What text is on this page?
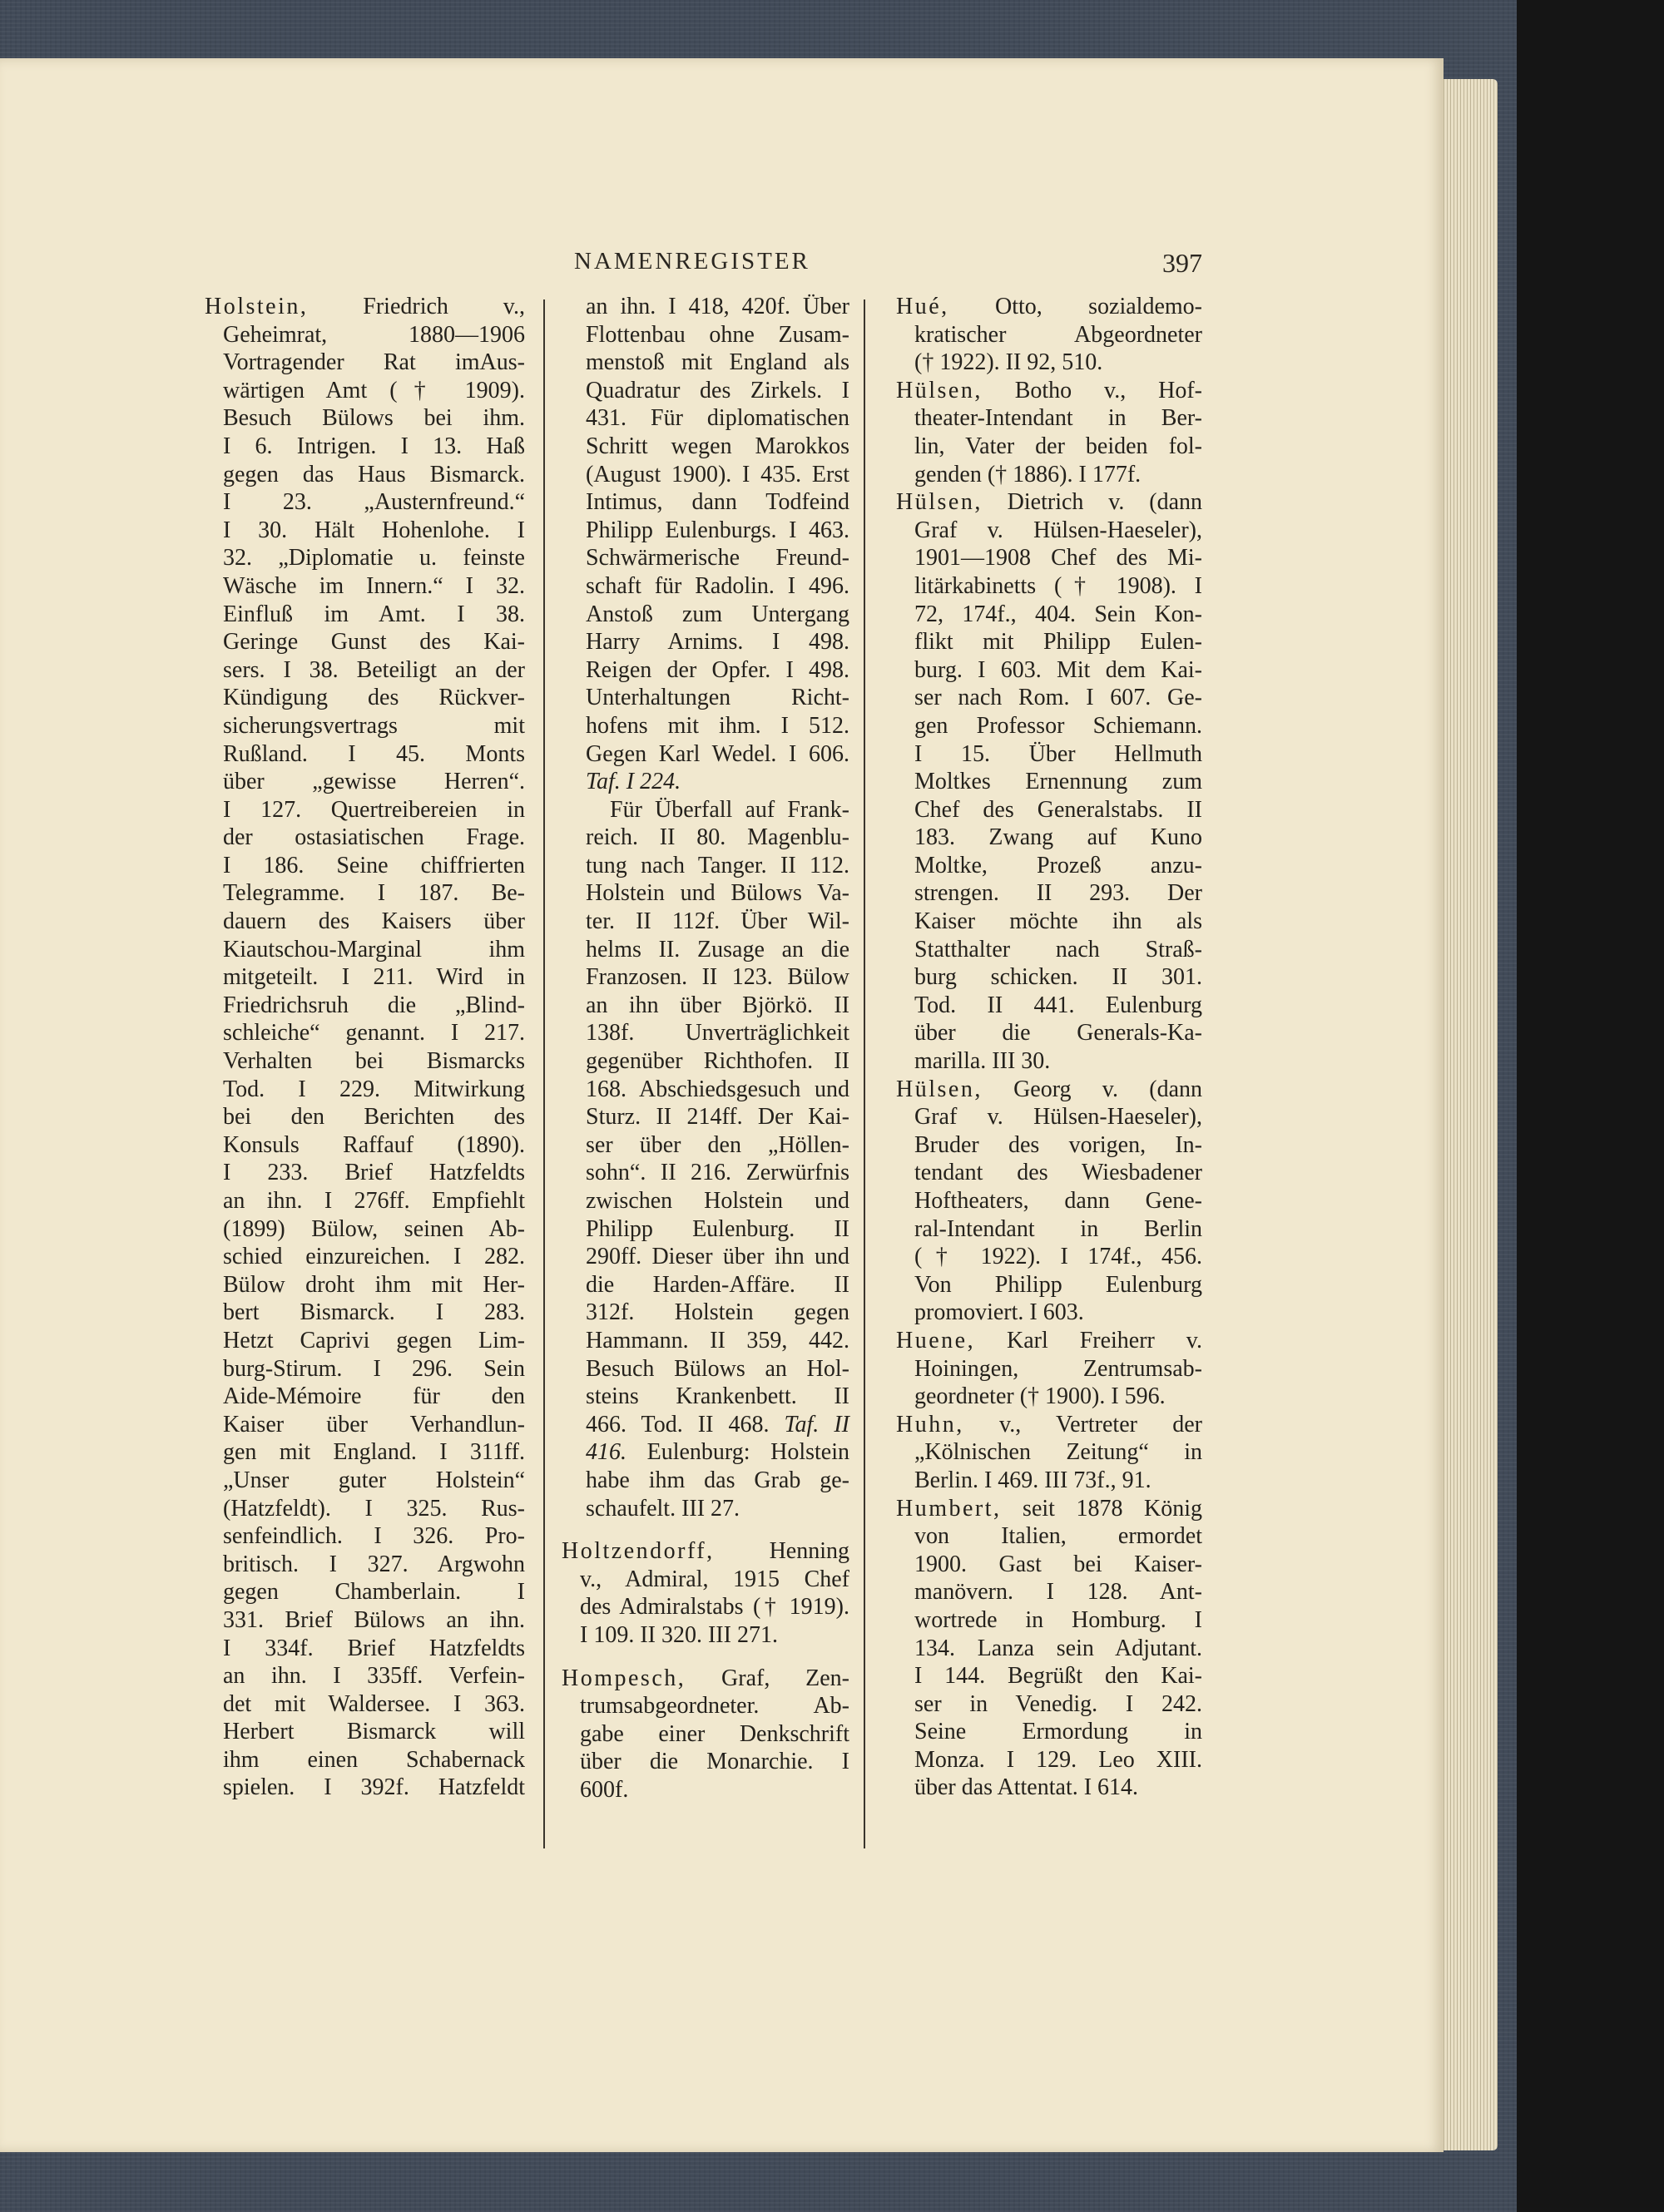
NAMENREGISTER	397
Holstein, Friedrich v.,
Geheimrat, 1880—1906
Vortragender Rat imAus-
wärtigen Amt († 1909).
Besuch Bülows bei ihm.
I 6. Intrigen. I 13. Haß
gegen das Haus Bismarck.
I 23. „Austernfreund.“
I 30. Hält Hohenlohe. I
32. „Diplomatie u. feinste
Wäsche im Innern.“ I 32.
Einfluß im Amt. I 38.
Geringe Gunst des Kai-
sers. I 38. Beteiligt an der
Kündigung des Rückver-
sicherungsvertrags mit
Rußland. I 45. Monts
über „gewisse Herren“.
I 127. Quertreibereien in
der ostasiatischen Frage.
I 186. Seine chiffrierten
Telegramme. I 187. Be-
dauern des Kaisers über
Kiautschou-Marginal ihm
mitgeteilt. I 211. Wird in
Friedrichsruh die „Blind-
schleiche“ genannt. I 217.
Verhalten bei Bismarcks
Tod. I 229. Mitwirkung
bei den Berichten des
Konsuls Raffauf (1890).
I 233. Brief Hatzfeldts
an ihn. I 276ff. Empfiehlt
(1899) Bülow, seinen Ab-
schied einzureichen. I 282.
Bülow droht ihm mit Her-
bert Bismarck. I 283.
Hetzt Caprivi gegen Lim-
burg-Stirum. I 296. Sein
Aide-Mémoire für den
Kaiser über Verhandlun-
gen mit England. I 311ff.
„Unser guter Holstein“
(Hatzfeldt). I 325. Rus-
senfeindlich. I 326. Pro-
britisch. I 327. Argwohn
gegen Chamberlain. I
331. Brief Bülows an ihn.
I 334f. Brief Hatzfeldts
an ihn. I 335ff. Verfein-
det mit Waldersee. I 363.
Herbert Bismarck will
ihm einen Schabernack
spielen. I 392f. Hatzfeldt
an ihn. I 418, 420f. Über
Flottenbau ohne Zusam-
menstoß mit England als
Quadratur des Zirkels. I
431. Für diplomatischen
Schritt wegen Marokkos
(August 1900). I 435. Erst
Intimus, dann Todfeind
Philipp Eulenburgs. I 463.
Schwärmerische Freund-
schaft für Radolin. I 496.
Anstoß zum Untergang
Harry Arnims. I 498.
Reigen der Opfer. I 498.
Unterhaltungen Richt-
hofens mit ihm. I 512.
Gegen Karl Wedel. I 606.
Taf. I 224.
Für Überfall auf Frank-
reich. II 80. Magenblu-
tung nach Tanger. II 112.
Holstein und Bülows Va-
ter. II 112f. Über Wil-
helms II. Zusage an die
Franzosen. II 123. Bülow
an ihn über Björkö. II
138f. Unverträglichkeit
gegenüber Richthofen. II
168. Abschiedsgesuch und
Sturz. II 214ff. Der Kai-
ser über den „Höllen-
sohn“. II 216. Zerwürfnis
zwischen Holstein und
Philipp Eulenburg. II
290ff. Dieser über ihn und
die Harden-Affäre. II
312f. Holstein gegen
Hammann. II 359, 442.
Besuch Bülows an Hol-
steins Krankenbett. II
466. Tod. II 468. Taf. II
416. Eulenburg: Holstein
habe ihm das Grab ge-
schaufelt. III 27.
Holtzendorff, Henning
v., Admiral, 1915 Chef
des Admiralstabs († 1919).
I 109. II 320. III 271.
Hompesch, Graf, Zen-
trumsabgeordneter. Ab-
gabe einer Denkschrift
über die Monarchie. I
600f.
Hué, Otto, sozialdemo-
kratischer Abgeordneter
(† 1922). II 92, 510.
Hülsen, Botho v., Hof-
theater-Intendant in Ber-
lin, Vater der beiden fol-
genden († 1886). I 177f.
Hülsen, Dietrich v. (dann
Graf v. Hülsen-Haeseler),
1901—1908 Chef des Mi-
litärkabinetts († 1908). I
72, 174f., 404. Sein Kon-
flikt mit Philipp Eulen-
burg. I 603. Mit dem Kai-
ser nach Rom. I 607. Ge-
gen Professor Schiemann.
I 15. Über Hellmuth
Moltkes Ernennung zum
Chef des Generalstabs. II
183. Zwang auf Kuno
Moltke, Prozeß anzu-
strengen. II 293. Der
Kaiser möchte ihn als
Statthalter nach Straß-
burg schicken. II 301.
Tod. II 441. Eulenburg
über die Generals-Ka-
marilla. III 30.
Hülsen, Georg v. (dann
Graf v. Hülsen-Haeseler),
Bruder des vorigen, In-
tendant des Wiesbadener
Hoftheaters, dann Gene-
ral-Intendant in Berlin
(† 1922). I 174f., 456.
Von Philipp Eulenburg
promoviert. I 603.
Huene, Karl Freiherr v.
Hoiningen, Zentrumsab-
geordneter († 1900). I 596.
Huhn, v., Vertreter der
„Kölnischen Zeitung“ in
Berlin. I 469. III 73f., 91.
Humbert, seit 1878 König
von Italien, ermordet
1900. Gast bei Kaiser-
manövern. I 128. Ant-
wortrede in Homburg. I
134. Lanza sein Adjutant.
I 144. Begrüßt den Kai-
ser in Venedig. I 242.
Seine Ermordung in
Monza. I 129. Leo XIII.
über das Attentat. I 614.
